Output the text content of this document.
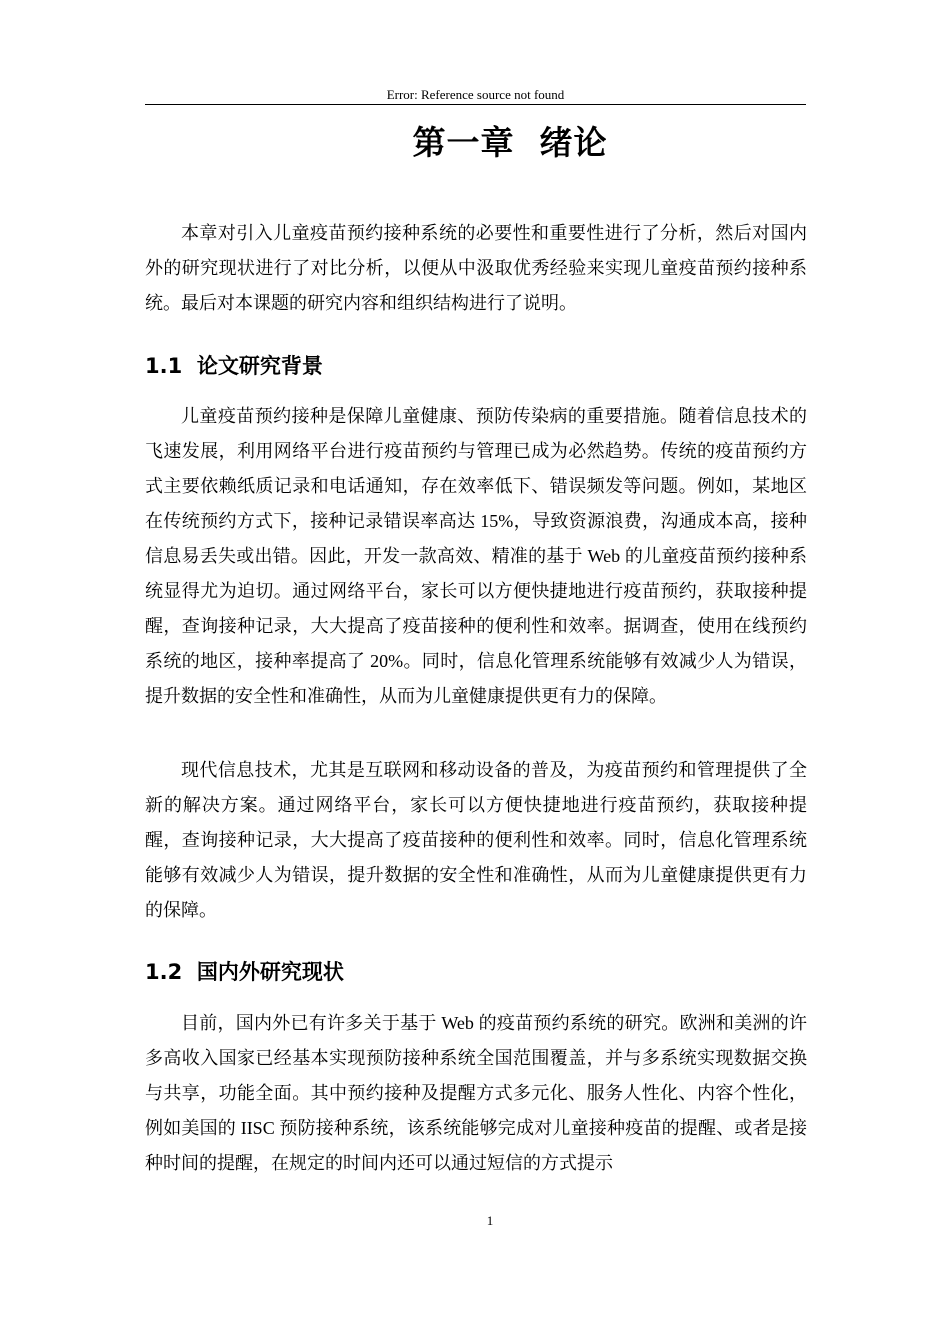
Error: Reference source not found
第一章  绪论

本章对引入儿童疫苗预约接种系统的必要性和重要性进行了分析，然后对国内外的研究现状进行了对比分析，以便从中汲取优秀经验来实现儿童疫苗预约接种系统。最后对本课题的研究内容和组织结构进行了说明。

1.1  论文研究背景

儿童疫苗预约接种是保障儿童健康、预防传染病的重要措施。随着信息技术的飞速发展，利用网络平台进行疫苗预约与管理已成为必然趋势。传统的疫苗预约方式主要依赖纸质记录和电话通知，存在效率低下、错误频发等问题。例如，某地区在传统预约方式下，接种记录错误率高达 15%，导致资源浪费，沟通成本高，接种信息易丢失或出错。因此，开发一款高效、精准的基于 Web 的儿童疫苗预约接种系统显得尤为迫切。通过网络平台，家长可以方便快捷地进行疫苗预约，获取接种提醒，查询接种记录，大大提高了疫苗接种的便利性和效率。据调查，使用在线预约系统的地区，接种率提高了 20%。同时，信息化管理系统能够有效减少人为错误，提升数据的安全性和准确性，从而为儿童健康提供更有力的保障。

现代信息技术，尤其是互联网和移动设备的普及，为疫苗预约和管理提供了全新的解决方案。通过网络平台，家长可以方便快捷地进行疫苗预约，获取接种提醒，查询接种记录，大大提高了疫苗接种的便利性和效率。同时，信息化管理系统能够有效减少人为错误，提升数据的安全性和准确性，从而为儿童健康提供更有力的保障。

1.2  国内外研究现状

目前，国内外已有许多关于基于 Web 的疫苗预约系统的研究。欧洲和美洲的许多高收入国家已经基本实现预防接种系统全国范围覆盖，并与多系统实现数据交换与共享，功能全面。其中预约接种及提醒方式多元化、服务人性化、内容个性化，例如美国的 IISC 预防接种系统，该系统能够完成对儿童接种疫苗的提醒、或者是接种时间的提醒，在规定的时间内还可以通过短信的方式提示

1
